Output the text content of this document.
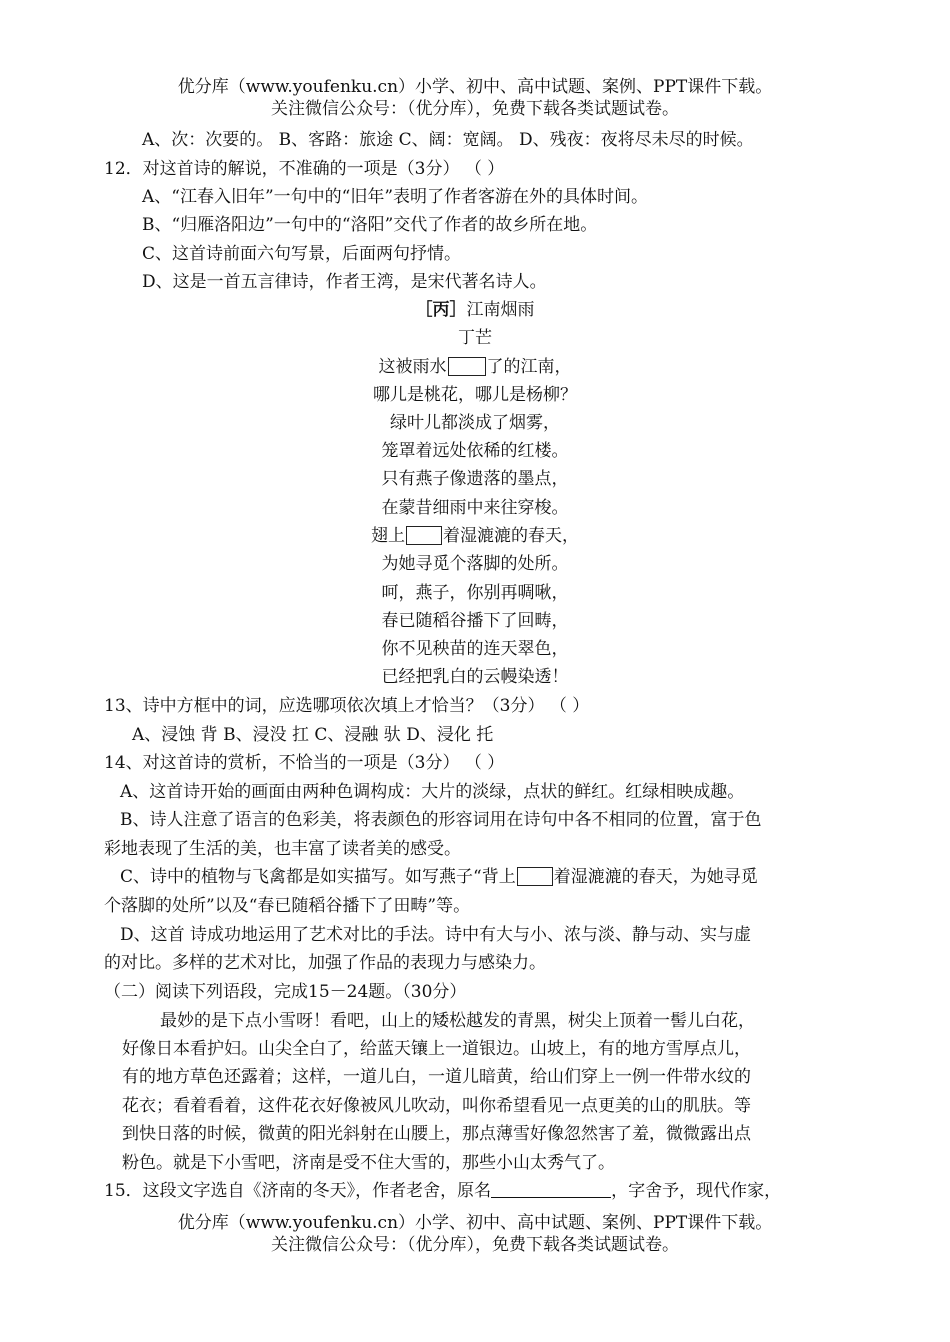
优分库（www.youfenku.cn）小学、初中、高中试题、案例、PPT课件下载。
关注微信公众号：（优分库），免费下载各类试题试卷。
A、次：次要的。 B、客路：旅途 C、阔：宽阔。 D、残夜：夜将尽未尽的时候。
12．对这首诗的解说，不准确的一项是（3分） （ ）
A、“江春入旧年”一句中的“旧年”表明了作者客游在外的具体时间。
B、“归雁洛阳边”一句中的“洛阳”交代了作者的故乡所在地。
C、这首诗前面六句写景，后面两句抒情。
D、这是一首五言律诗，作者王湾，是宋代著名诗人。
［丙］江南烟雨
丁芒
这被雨水 了的江南，
哪儿是桃花，哪儿是杨柳？
绿叶儿都淡成了烟雾，
笼罩着远处依稀的红楼。
只有燕子像遗落的墨点，
在蒙昔细雨中来往穿梭。
翅上 着湿漉漉的春天，
为她寻觅个落脚的处所。
呵，燕子，你别再啁啾，
春已随稻谷播下了回畴，
你不见秧苗的连天翠色，
已经把乳白的云幔染透！
13、诗中方框中的词，应选哪项依次填上才恰当？（3分） （ ）
A、浸蚀 背 B、浸没 扛 C、浸融 驮 D、浸化 托
14、对这首诗的赏析，不恰当的一项是（3分） （ ）
A、这首诗开始的画面由两种色调构成：大片的淡绿，点状的鲜红。红绿相映成趣。
B、诗人注意了语言的色彩美，将表颜色的形容词用在诗句中各不相同的位置，富于色
彩地表现了生活的美，也丰富了读者美的感受。
C、诗中的植物与飞禽都是如实描写。如写燕子“背上 着湿漉漉的春天，为她寻觅
个落脚的处所”以及“春已随稻谷播下了田畴”等。
D、这首 诗成功地运用了艺术对比的手法。诗中有大与小、浓与淡、静与动、实与虚
的对比。多样的艺术对比，加强了作品的表现力与感染力。
（二）阅读下列语段，完成15－24题。（30分）
最妙的是下点小雪呀！看吧，山上的矮松越发的青黑，树尖上顶着一髻儿白花，
好像日本看护妇。山尖全白了，给蓝天镶上一道银边。山坡上，有的地方雪厚点儿，
有的地方草色还露着；这样，一道儿白，一道儿暗黄，给山们穿上一例一件带水纹的
花衣；看着看着，这件花衣好像被风儿吹动，叫你希望看见一点更美的山的肌肤。等
到快日落的时候，微黄的阳光斜射在山腰上，那点薄雪好像忽然害了羞，微微露出点
粉色。就是下小雪吧，济南是受不住大雪的，那些小山太秀气了。
15．这段文字选自《济南的冬天》，作者老舍，原名	，字舍予，现代作家，
优分库（www.youfenku.cn）小学、初中、高中试题、案例、PPT课件下载。
关注微信公众号：（优分库），免费下载各类试题试卷。
